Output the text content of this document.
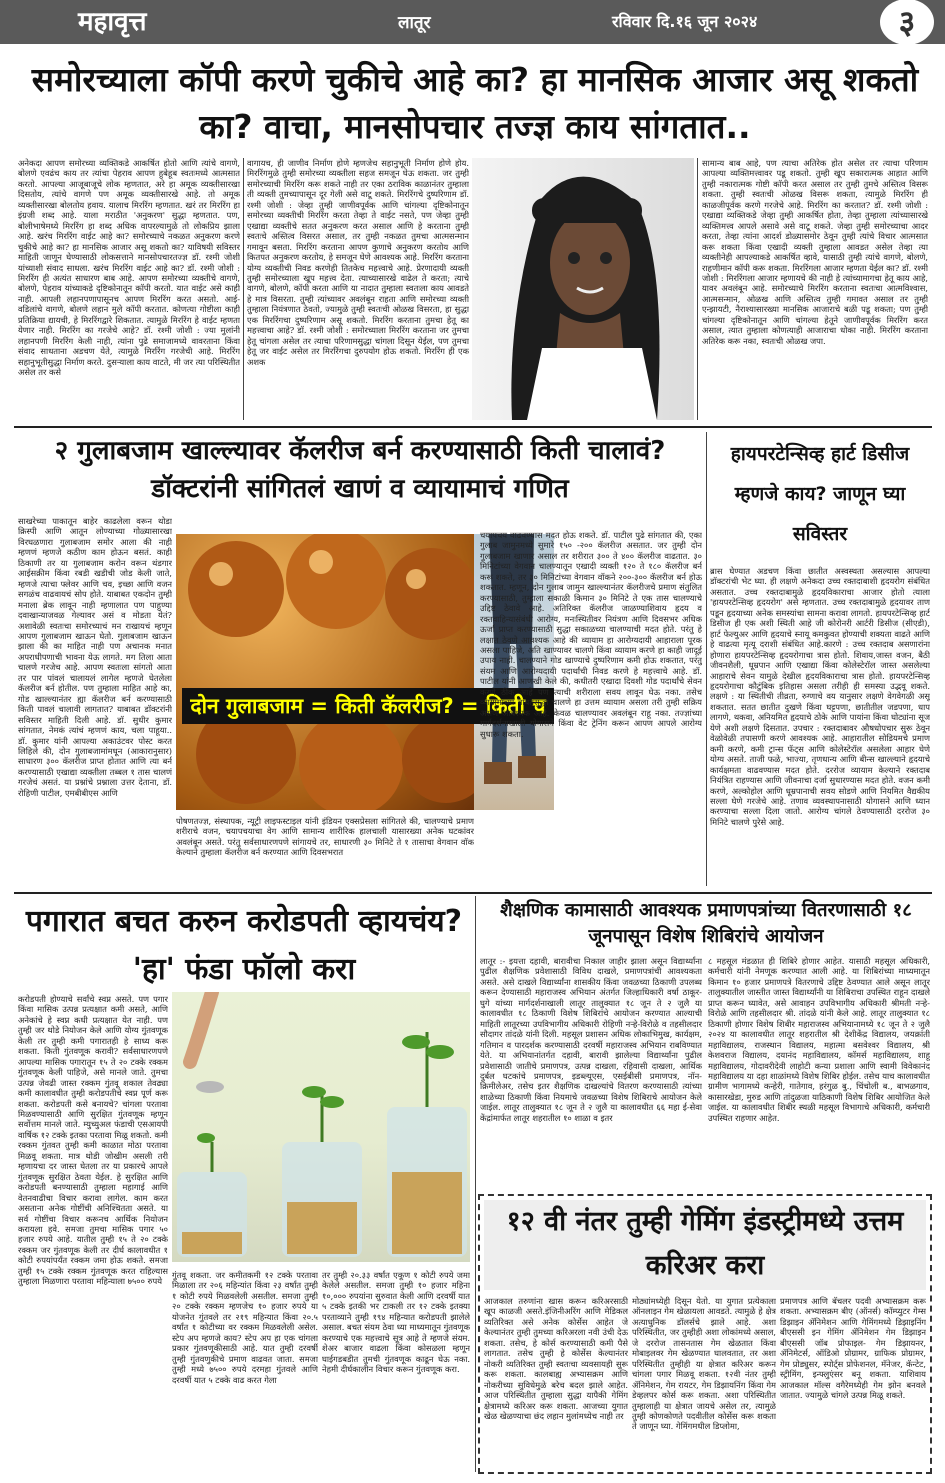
महावृत्त	लातूर	रविवार दि.१६ जून २०२४	३
समोरच्याला कॉपी करणे चुकीचे आहे का? हा मानसिक आजार असू शकतो का? वाचा, मानसोपचार तज्ज्ञ काय सांगतात..
अनेकदा आपण समोरच्या व्यक्तिकडे आकर्षित होतो आणि त्यांचे वागणे, बोलणे एवढंच काय तर त्यांचा पेहराव आपण हुबेहूब स्वतःमध्ये आत्मसात करतो. आपल्या आजूबाजूचे लोक म्हणतात, अरे हा अमूक व्यक्तीसारखा दिसतोय, त्यांचे वागणे पण अमूक व्यक्तीसारखे आहे. तो अमूक व्यक्तीसारखा बोलतोय हवाय. यालाच मिररिंग म्हणतात. खरं तर मिररिंग हा इंग्रजी शब्द आहे. याला मराठीत 'अनुकरण' सुद्धा म्हणतात. पण, बोलीभाषेमध्ये मिररिंग हा शब्द अधिक वापरल्यामुळे तो लोकप्रिय झाला आहे. खरंच मिररिंग वाईट आहे का? समोरच्याचे नकळत अनुकरण करणे चुकीचे आहे का? हा मानसिक आजार असू शकतो का? याविषयी सविस्तर माहिती जाणून घेण्यासाठी लोकसत्ताने मानसोपचारतज्ज्ञ डॉ. रश्मी जोशी यांच्याशी संवाद साधला. खरंच मिररिंग वाईट आहे का? डॉ. रश्मी जोशी : मिररिंग ही अत्यंत साधारण बाब आहे. आपण समोरच्या व्यक्तीचे वागणे, बोलणे, पेहराव यांच्याकडे दृष्टिकोनातून कॉपी करतो. यात वाईट असे काही नाही. आपली लहानपणापासूनच आपण मिररिंग करत असतो. आई-वडिलांचे वागणे, बोलणे लहान मुले कॉपी करतात. कोणत्या गोष्टीला काही प्रतिक्रिया द्यायची, हे मिररिंगद्वारे शिकतात. त्यामुळे मिररिंग हे वाईट म्हणता येणार नाही. मिररिंग का गरजेचे आहे? डॉ. रश्मी जोशी : ज्या मुलांनी लहानपणी मिररिंग केली नाही, त्यांना पुढे समाजामध्ये वावरताना किंवा संवाद साधताना अडचण येते, त्यामुळे मिररिंग गरजेची आहे. मिररिंग सहानुभूतीसुद्धा निर्माण करते. दुसऱ्याला काय वाटते, मी जर त्या परिस्थितीत असेल तर कसे
वागायच, ही जाणीव निर्माण होणे म्हणजेच सहानुभूती निर्माण होणे होय. मिररिंगमुळे तुम्ही समोरच्या व्यक्तीला सहज समजून घेऊ शकता. जर तुम्ही समोरच्याची मिररिंग करू शकते नाही तर एका ठराविक काळानंतर तुम्हाला ती व्यक्ती तुमच्यापासून दूर गेली असे वाटू शकते. मिररिंगचे दुष्परिणाम डॉ. रश्मी जोशी : जेव्हा तुम्ही जाणीवपूर्वक आणि चांगल्या दृष्टिकोनातून समोरच्या व्यक्तीची मिररिंग करता तेव्हा ते वाईट नसते, पण जेव्हा तुम्ही एखाद्या व्यक्तीचे सतत अनुकरण करत असाल आणि हे करताना तुम्ही स्वतःचे अस्तित्व विसरत असाल, तर तुम्ही नकळत तुमचा आत्मसन्मान गमावून बसता. मिररिंग करताना आपण कुणाचे अनुकरण करतोय आणि कितपत अनुकरण करतोय, हे समजून घेणे आवश्यक आहे. मिररिंग करताना योग्य व्यक्तीची निवड करणेही तितकेच महत्त्वाचे आहे. प्रेरणादायी व्यक्ती तुम्ही समोरच्याला खूप महत्त्व देता. त्याच्यासारखे वाढेल ते करता; त्याचे वागणे, बोलणे, कॉपी करता आणि या नादात तुम्हाला स्वतःला काय आवडते हे मात्र विसरता. तुम्ही त्यांच्यावर अवलंबून राहता आणि समोरच्या व्यक्ती तुम्हाला नियंत्रणात ठेवतो, ज्यामुळे तुम्ही स्वतःची ओळख विसरता, हा सुद्धा एक मिररिंगचा दुष्परिणाम असू शकतो. मिररिंग करताना तुमचा हेतू का महत्त्वाचा आहे? डॉ. रश्मी जोशी : समोरच्याला मिररिंग करताना जर तुमचा हेतू चांगला असेल तर त्याचा परिणामसुद्धा चांगला दिसून येईल, पण तुमचा हेतू जर वाईट असेल तर मिररिंगचा दुरुपयोग होऊ शकतो. मिररिंग ही एक अशक
सामान्य बाब आहे, पण त्याचा अतिरेक होत असेल तर त्याचा परिणाम आपल्या व्यक्तिमत्त्वावर पडू शकतो. तुम्ही खूप सकारात्मक आहात आणि तुम्ही नकारात्मक गोष्टी कॉपी करत असाल तर तुम्ही तुमचे अस्तित्व विसरू शकता. तुम्ही स्वतःची ओळख विसरू शकता, त्यामुळे मिररिंग ही काळजीपूर्वक करणे गरजेचे आहे. मिररिंग का करतात? डॉ. रश्मी जोशी : एखाद्या व्यक्तिकडे जेव्हा तुम्ही आकर्षित होता, तेव्हा तुम्हाला त्यांच्यासारखे व्यक्तिमत्त्व आपले असावे असे वाटू शकते. जेव्हा तुम्ही समोरच्याचा आदर करता, तेव्हा त्यांना आदर्श डोळ्यासमोर ठेवून तुम्ही त्यांचे विचार आत्मसात करू शकता किंवा एखादी व्यक्ती तुम्हाला आवडत असेल तेव्हा त्या व्यक्तीनेही आपल्याकडे आकर्षित व्हावे, यासाठी तुम्ही त्यांचे वागणे, बोलणे, राहणीमान कॉपी करू शकता. मिररिंगला आजार म्हणता येईल का? डॉ. रश्मी जोशी : मिररिंगला आजार म्हणायचे की नाही हे त्यांच्यामागचा हेतू काय आहे, यावर अवलंबून आहे. समोरच्याचे मिररिंग करताना स्वतःचा आत्मविश्वास, आत्मसन्मान, ओळख आणि अस्तित्व तुम्ही गमावत असाल तर तुम्ही एन्झायटी, नैराश्यासारख्या मानसिक आजाराचे बळी पडू शकता; पण तुम्ही चांगल्या दृष्टिकोनातून आणि चांगल्या हेतूने जाणीवपूर्वक मिररिंग करत असाल, त्यात तुम्हाला कोणत्याही आजाराचा धोका नाही. मिररिंग करताना अतिरेक करू नका, स्वतःची ओळख जपा.
२ गुलाबजाम खाल्ल्यावर कॅलरीज बर्न करण्यासाठी किती चालावं? डॉक्टरांनी सांगितलं खाणं व व्यायामाचं गणित
साखरेच्या पाकातून बाहेर काढलेला वरून थोडा क्रिस्पी आणि आतून लोण्याच्या गोळ्यासारखा विरघळणारा गुलाबजाम समोर आला की नाही म्हणणं म्हणजे कठीण काम होऊन बसतं. काही ठिकाणी तर या गुलाबजाम करोन वरून थंडगार आईसक्रीम किंवा रबडी खडीची जोड केली जाते, म्हणजे त्याचा फ्लेवर आणि चव, इच्छा आणि वजन सगळंच वाढवायचं सोप होते. याबाबत एकदोन तुम्ही मनाला ब्रेक लावून नाही म्हणालात पण पाहुण्या दवाखान्याजवळ गेल्यावर असं व मोडता येतं? अशावेळी स्वतःचा समोरच्याचं मन राखायचं म्हणून आपण गुलाबजाम खाऊन घेतो. गुलाबजाम खाऊन झाला की का माहित नाही पण अचानक मनात अपराधीपणाची भावना येऊ लागते. मग तिला आता चालणे गरजेच आहे. आपण स्वतःला सांगतो आता तर पार पांवलं चालायलं लागेल म्हणजे घेतलेला कॅलरीज बर्न होतील. पण तुम्हाला माहित आहे का, गोड खाल्ल्यानंतर ह्या कॅलरीज बर्न करण्यासाठी किती पावलं चालावी लागतात? याबाबत डॉक्टरांनी सविस्तर माहिती दिली आहे. डॉ. सुधीर कुमार सांगतात, नेमकं त्यांचं म्हणणं काय, चला पाहूया.. डॉ. कुमार यांनी आपल्या अकाउंटवर पोस्ट करत लिहिले की, दोन गुलाबजामांमधून (आकारानुसार) साधारण ३०० कॅलरीज प्राप्त होतात आणि त्या बर्न करण्यासाठी एखाद्या व्यक्तीला तब्बल १ तास चालणं गरजेचं असतं. या प्रश्नांचे प्रश्नाला उत्तर देताना, डॉ. रोहिणी पाटील, एमबीबीएस आणि
दोन गुलाबजाम = किती कॅलरीज? = किती च
पोषणतज्ज्ञ, संस्थापक, न्यूट्री लाइफस्टाइल यांनी इंडियन एक्सप्रेसला सांगितले की, चालण्याचे प्रमाण शरीराचे वजन, चयापचयाचा वेग आणि सामान्य शारीरिक हालचाली यासारख्या अनेक घटकांवर अवलंबून असते. परंतु सर्वसाधारणपणे सांगायचे तर, साधारणी ३० मिनिटे ते १ तासाचा वेगवान वॉक केल्याने तुम्हाला कॅलरीज बर्न करण्यात आणि दिवसभरात
चयापचय वाढवण्यास मदत होऊ शकते. डॉ. पाटील पुढे सांगतात की, एका गुलाब जामुनमध्ये सुमारे १५० -२०० कॅलरीज असतात. जर तुम्ही दोन गुलाबजाम खाणार असाल तर शरीरात ३०० ते ४०० कॅलरीज वाढतात. ३० मिनिटांच्या वेगवान चालण्यातून एखादी व्यक्ती १२० ते १८० कॅलरीज बर्न करू शकते, तर ३० मिनिटांच्या वेगवान वॉकने २००-३०० कॅलरीज बर्न होऊ शकतात. म्हणून, दोन गुलाब जामुन खाल्ल्यानंतर कॅलरीजचे प्रमाण संतुलित करण्यासाठी, तुम्हाला सकाळी किमान ३० मिनिटे ते एक तास चालण्याचे उद्दिष्ट ठेवावे आहे. अतिरिक्त कॅलरीज जाळण्याशिवाय हृदय व रक्तवाहिन्यासंबंधी आरोग्य, मनःस्थितीवर नियंत्रण आणि दिवसभर अधिक ऊर्जा प्राप्त करण्यासाठी सुद्धा सकाळच्या चालण्याची मदत होते. परंतु हे लक्षात ठेवणे आवश्यक आहे की व्यायाम हा आरोग्यदायी आहाराला पूरक असला पाहिजे, अति खाण्यावर चालणे किंवा व्यायाम करणे हा काही जादूई उपाय नाही. चालण्याने गोड खाण्याचे दुष्परिणाम कमी होऊ शकतात, परंतु संयम आणि आरोग्यदायी पदार्थांची निवड करणे हे महत्त्वाचे आहे. डॉ. पाटील यांनी आणखी केले की, कधीतरी एखादा दिवशी गोड पदार्थांचे सेवन करणे ठीक आहे पण त्याची शरीराला सवय लावून घेऊ नका. तसेच व्यायामाच्या बाबतसुद्धा चालणे हा उत्तम व्यायाम असला तरी तुम्ही सक्रिय असणे आवश्यक आहे. केवळ चालण्यावर अवलंबून राहू नका. तज्ज्ञांच्या मार्गदर्शनाखाली योगासने किंवा वेट ट्रेनिंग करून आपण आपले आरोग्य सुधारू शकता.
हायपरटेन्सिव्ह हार्ट डिसीज म्हणजे काय? जाणून घ्या सविस्तर
ब्रास घेण्यात अडचण किंवा छातीत अस्वस्थता असल्यास आपल्या डॉक्टरांची भेट घ्या. ही लक्षणे अनेकदा उच्च रक्तदाबाशी हृदयरोग संबंधित असतात. उच्च रक्तदाबामुळे हृदयविकाराचा आजार होतो त्याला 'हायपरटेन्सिव्ह हृदयरोग' असे म्हणतात. उच्च रक्तदाबामुळे हृदयावर ताण पडून हृदयाच्या अनेक समस्यांचा सामना करावा लागतो. हायपरटेन्सिव्ह हार्ट डिसीज ही एक अशी स्थिती आहे जी कोरोनरी आर्टरी डिसीज (सीएडी), हार्ट फेल्युअर आणि हृदयाचे स्नायू कमकुवत होण्याची शक्यता वाढते आणि हे वाढत्या मृत्यू दराशी संबंधित आहे.कारणे : उच्च रक्तदाब असणारांना होणारा हायपरटेन्सिव्ह हृदयरोगाचा त्रास होतो. शिवाय,जास्त वजन, बैठी जीवनशैली, धूम्रपान आणि एखाद्या किंवा कोलेस्टेरॉल जास्त असलेल्या आहाराचे सेवन यामुळे देखील हृदयविकाराचा त्रास होतो. हायपरटेन्सिव्ह हृदयरोगाचा कौटुंबिक इतिहास असला तरीही ही समस्या उद्भवू शकते. लक्षणे : या स्थितीची तीव्रता, रुग्णाचे वय यानुसार लक्षणे वेगवेगळी असू शकतात. सतत छातीत दुखणे किंवा घट्टपणा, छातीतील जडपणा, धाप लागणे, थकवा, अनियमित हृदयाचे ठोके आणि पायांना किंवा घोट्यांना सूज येणे अशी लक्षणे दिसतात. उपचार : रक्तदाबावर औषधोपचार सुरू ठेवून वेळोवेळी तपासणी करणे आवश्यक आहे. आहारातील सोडियमचे प्रमाण कमी करणे, कमी ट्रान्स फॅट्स आणि कोलेस्टेरॉल असलेला आहार घेणे योग्य असते. ताजी फळे, भाज्या, तृणधान्य आणि बीन्स खाल्ल्याने हृदयाचे कार्यक्षमता वाढवण्यास मदत होते. दररोज व्यायाम केल्याने रक्तदाब नियंत्रित राहण्यास आणि जीवनाचा दर्जा सुधारण्यास मदत होते. वजन कमी करणे, अल्कोहोल आणि धूम्रपानाची सवय सोडणे आणि नियमित वैद्यकीय सल्ला घेणे गरजेचे आहे. तणाव व्यवस्थापनासाठी योगासने आणि ध्यान करण्याचा सल्ला दिला जातो. आरोग्य चांगले ठेवण्यासाठी दररोज ३० मिनिटे चालणे पुरेसे आहे.
पगारात बचत करुन करोडपती व्हायचंय? 'हा' फंडा फॉलो करा
करोडपती होण्याचे सर्वांचे स्वप्न असते. पण पगार किंवा मासिक उत्पन्न प्रत्यक्षात कमी असते, आणि अनेकांचे हे स्वप्न कधी प्रत्यक्षात येत नाही. पण तुम्ही जर थोडे नियोजन केले आणि योग्य गुंतवणूक केली तर तुम्ही कमी पगारातही हे साध्य करू शकता. किती गुंतवणूक करावी? सर्वसाधारणपणे आपल्या मासिक पगारातून १५ ते २० टक्के रक्कम गुंतवणूक केली पाहिजे, असे मानले जाते. तुमचा उत्पन्न जेवढी जास्त रक्कम गुंतवू शकाल तेवढ्या कमी कालावधीत तुम्ही करोडपतीचे स्वप्न पूर्ण करू शकता. करोडपती कसे बनायचे? चांगला परतावा मिळवण्यासाठी आणि सुरक्षित गुंतवणूक म्हणून सर्वोत्तम मानले जाते. म्युच्युअल फंडाची एसआयपी वार्षिक १२ टक्के इतका परतावा मिळू शकतो. कमी रक्कम गुंतवत तुम्ही कमी काळात मोठा परतावा मिळवू शकता. मात्र थोडी जोखीम असली तरी म्हणायचा दर जास्त घेतला तर या प्रकारचे आपले गुंतवणूक सुरक्षित ठेवता येईल. हे सुरक्षित आणि करोडपती बनण्यासाठी तुम्हाला महागाई आणि वेतनवाढीचा विचार करावा लागेल. काम करत असताना अनेक गोष्टींची अनिश्चितता असते. या सर्व गोष्टींचा विचार करूनच आर्थिक नियोजन करायला हवे. समजा तुमचा मासिक पगार ५० हजार रुपये आहे. यातील तुम्ही १५ ते २० टक्के रक्कम जर गुंतवणूक केली तर दीर्घ कालावधीत १ कोटी रुपयांपर्यंत रक्कम जमा होऊ शकते. समजा तुम्ही १५ टक्के रक्कम गुंतवणूक करत राहिल्यास तुम्हाला मिळणारा परतावा महिन्याला ७५०० रुपये
गुंतवू शकता. जर कमीतकमी १२ टक्के परतावा मिळाला तर २०६ महिन्यांत किंवा २३ वर्षांत तुम्ही १ कोटी रुपये मिळवलेली असतील. समजा तुम्ही २० टक्के रक्कम म्हणजेच १० हजार रुपये या योजनेत गुंतवले तर २१९ महिन्यात किंवा २०.५ वर्षांत १ कोटीच्या वर रक्कम मिळवलेली असेल. स्टेप अप म्हणजे काय? स्टेप अप हा एक चांगला प्रकार गुंतवणूकीसाठी आहे. यात तुम्ही दरवर्षी तुम्ही गुंतवणुकीचे प्रमाण वाढवत जाता. समजा तुम्ही मध्ये ७५०० रुपये दरमहा गुंतवले आणि दरवर्षी यात ५ टक्के वाढ करत गेला
तर तुम्ही २०.३३ वर्षांत एकूण १ कोटी रुपये जमा केलेले असतील. समजा तुम्ही १० हजार महिना १०,००० रुपयांना सुरुवात केली आणि दरवर्षी यात ५ टक्के इतकी भर टाकली तर १२ टक्के इतक्या परताव्याने तुम्ही १९४ महिन्यात करोडपती झालेले असाल. बचत संयम ठेवा ध्या माध्यमातून गुंतवणूक करण्याचे एक महत्त्वाचे सूत्र आहे ते म्हणजे संयम. शेअर बाजार वाढला किंवा कोसळला म्हणून घाईगडबडीत तुमची गुंतवणूक काढून घेऊ नका. नेहमी दीर्घकालीन विचार करून गुंतवणूक करा.
शैक्षणिक कामासाठी आवश्यक प्रमाणपत्रांच्या वितरणासाठी १८ जूनपासून विशेष शिबिरांचे आयोजन
लातूर :- इयत्ता दहावी, बारावीचा निकाल जाहीर झाला असून विद्यार्थ्यांना पुढील शैक्षणिक प्रवेशासाठी विविध दाखले, प्रमाणपत्रांची आवश्यकता असते. असे दाखले विद्यार्थ्यांना शासकीय किंवा जवळच्या ठिकाणी उपलब्ध करून देण्यासाठी महाराजस्व अभियान अंतर्गत जिल्हाधिकारी वर्षा ठाकूर-घुगे यांच्या मार्गदर्शनाखाली लातूर तालुक्यात १८ जून ते २ जुलै या कालावधीत १८ ठिकाणी विशेष शिबिरांचे आयोजन करण्यात आल्याची माहिती लातूरच्या उपविभागीय अधिकारी रोहिणी नऱ्हे-विरोळे व तहसीलदार सौदागर तांदळे यांनी दिली. महसूल प्रशासन अधिक लोकाभिमुख, कार्यक्षम, गतिमान व पारदर्शक करण्यासाठी दरवर्षी महाराजस्व अभियान राबविण्यात येते. या अभियानांतर्गत दहावी, बारावी झालेल्या विद्यार्थ्यांना पुढील प्रवेशासाठी जातीचे प्रमाणपत्र, उत्पन्न दाखला, रहिवासी दाखला, आर्थिक दुर्बल घटकांचे प्रमाणपत्र, इडब्ल्यूएस, एसईबीसी प्रमाणपत्र, नॉन-क्रिमीलेअर, तसेच इतर शैक्षणिक दाखल्यांचे वितरण करण्यासाठी त्यांच्या शाळेच्या ठिकाणी किंवा नियमाचे जवळच्या विशेष शिबिराचे आयोजन केले जाईल. लातूर तालुक्यात १८ जून ते २ जुलै या कालावधीत ६६ महा ई-सेवा केंद्रांमार्फत लातूर शहरातील १० शाळा व इतर
८ महसूल मंडळात ही शिबिरे होणार आहेत. यासाठी महसूल अधिकारी, कर्मचारी यांनी नेमणूक करण्यात आली आहे. या शिबिरांच्या माध्यमातून किमान १० हजार प्रमाणपत्रे वितरणाचे उद्दिष्ट ठेवण्यात आले असून लातूर तालुक्यातील जास्तीत जास्त विद्यार्थ्यांनी या शिबिराचा उपस्थित राहून दाखले प्राप्त करून घ्यावेत, असे आवाहन उपविभागीय अधिकारी श्रीमती नऱ्हे-विरोळे आणि तहसीलदार श्री. तांदळे यांनी केले आहे. लातूर तालुक्यात १८ ठिकाणी होणार विशेष शिबीर महाराजस्व अभियानामध्ये १८ जून ते २ जुलै २०२४ या कालावधीत लातूर शहरातील श्री देशीकेंद्र विद्यालय, जयक्रांती महाविद्यालय, राजस्थान विद्यालय, महात्मा बसवेश्वर विद्यालय, श्री केशवराज विद्यालय, दयानंद महाविद्यालय, कॉमर्स महाविद्यालय, शाहू महाविद्यालय, गोदावरीदेवी लाहोटी कन्या प्रशाला आणि स्वामी विवेकानंद महाविद्यालय या दहा शाळांमध्ये विशेष शिबिर होईल. तसेच याच कालावधीत ग्रामीण भागामध्ये कन्हेरी, गातेगाव, हरंगुळ बु., चिंचोली ब., बाभळगाव, कासारखेडा, मुरुड आणि तांदुळजा याठिकाणी विशेष शिबिर आयोजित केले जाईल. या कालावधीत शिबीर स्थळी महसूल विभागाचे अधिकारी, कर्मचारी उपस्थित राहणार आहेत.
१२ वी नंतर तुम्ही गेमिंग इंडस्ट्रीमध्ये उत्तम करिअर करा
आजकाल तरुणांना खास करून करिअरसाठी खूप काळजी असते.इंजिनीअरिंग आणि मेडिकल व्यतिरिक्त असे अनेक कोर्सेस आहेत जे केल्यानंतर तुम्ही तुमच्या करिअरला नवी उंची देऊ शकता. तसेच, हे कोर्स करण्यासाठी कमी पैसे लागतात. तसेच तुम्ही हे कोर्सेस केल्यानंतर नोकरी व्यतिरिक्त तुम्ही स्वतःचा व्यवसायही सुरू करू शकता. कालबाह्य अभ्यासक्रम आणि नोकरीच्या सुविधेमुळे बरेच बदल झाले आहेत. आज परिस्थितीत तुम्हाला सुद्धा यापैकी गेमिंग क्षेत्रामध्ये करिअर करू शकता. आजच्या युगात खेळ खेळण्याचा छंद लहान मुलांमध्येच नाही तर
मोठ्यांमध्येही दिसून येतो. या युगात प्रत्येकाला ऑनलाइन गेम खेळायला आवडते. त्यामुळे हे क्षेत्र अत्याधुनिक डॉलर्सचे झाले आहे. अशा परिस्थितीत, जर तुम्हीही अशा लोकांमध्ये असाल, जे दररोज तासनतास गेम खेळतात किंवा मोबाइलवर गेम खेळण्यात घालवतात, तर अशा परिस्थितीत तुम्हीही या क्षेत्रात करिअर करून चांगला पगार मिळवू शकता. १२वी नंतर तुम्ही ॲनिमेशन, गेम रायटर, गेम डिझायनिंग किंवा गेम डेव्हलपर कोर्स करू शकता. अशा परिस्थितीत तुम्हालाही या क्षेत्रात जायचे असेल तर, त्यामुळे तुम्ही कोणकोणते पदवीतील कोर्सेस करू शकता ते जाणून घ्या. गेमिंगमधील डिप्लोमा,
प्रमाणपत्र आणि बॅचलर पदवी अभ्यासक्रम करू शकता. अभ्यासक्रम बीए (ऑनर्स) कॉम्प्युटर गेम्स डिझाइन ॲनिमेशन आणि गेमिंगमध्ये डिझाइनिंग बीएससी इन गेमिंग ॲनिमेशन गेम डिझाइन बीएससी जॉब प्रोफाइल- गेम डिझायनर, ॲनिमेटर्स, ऑडिओ प्रोग्रामर, ग्राफिक प्रोग्रामर, गेम प्रोड्युसर, स्पोर्ट्स प्रोफेशनल, मॅनेजर, कॅन्टेट, स्ट्रीमिंग, इन्फ्लुएंसर बनू शकता. याशिवाय आजकाल मॉल्स वगैरेमध्येही गेम झोन बनवले जातात. ज्यामुळे चांगले उत्पन्न मिळू शकते.
